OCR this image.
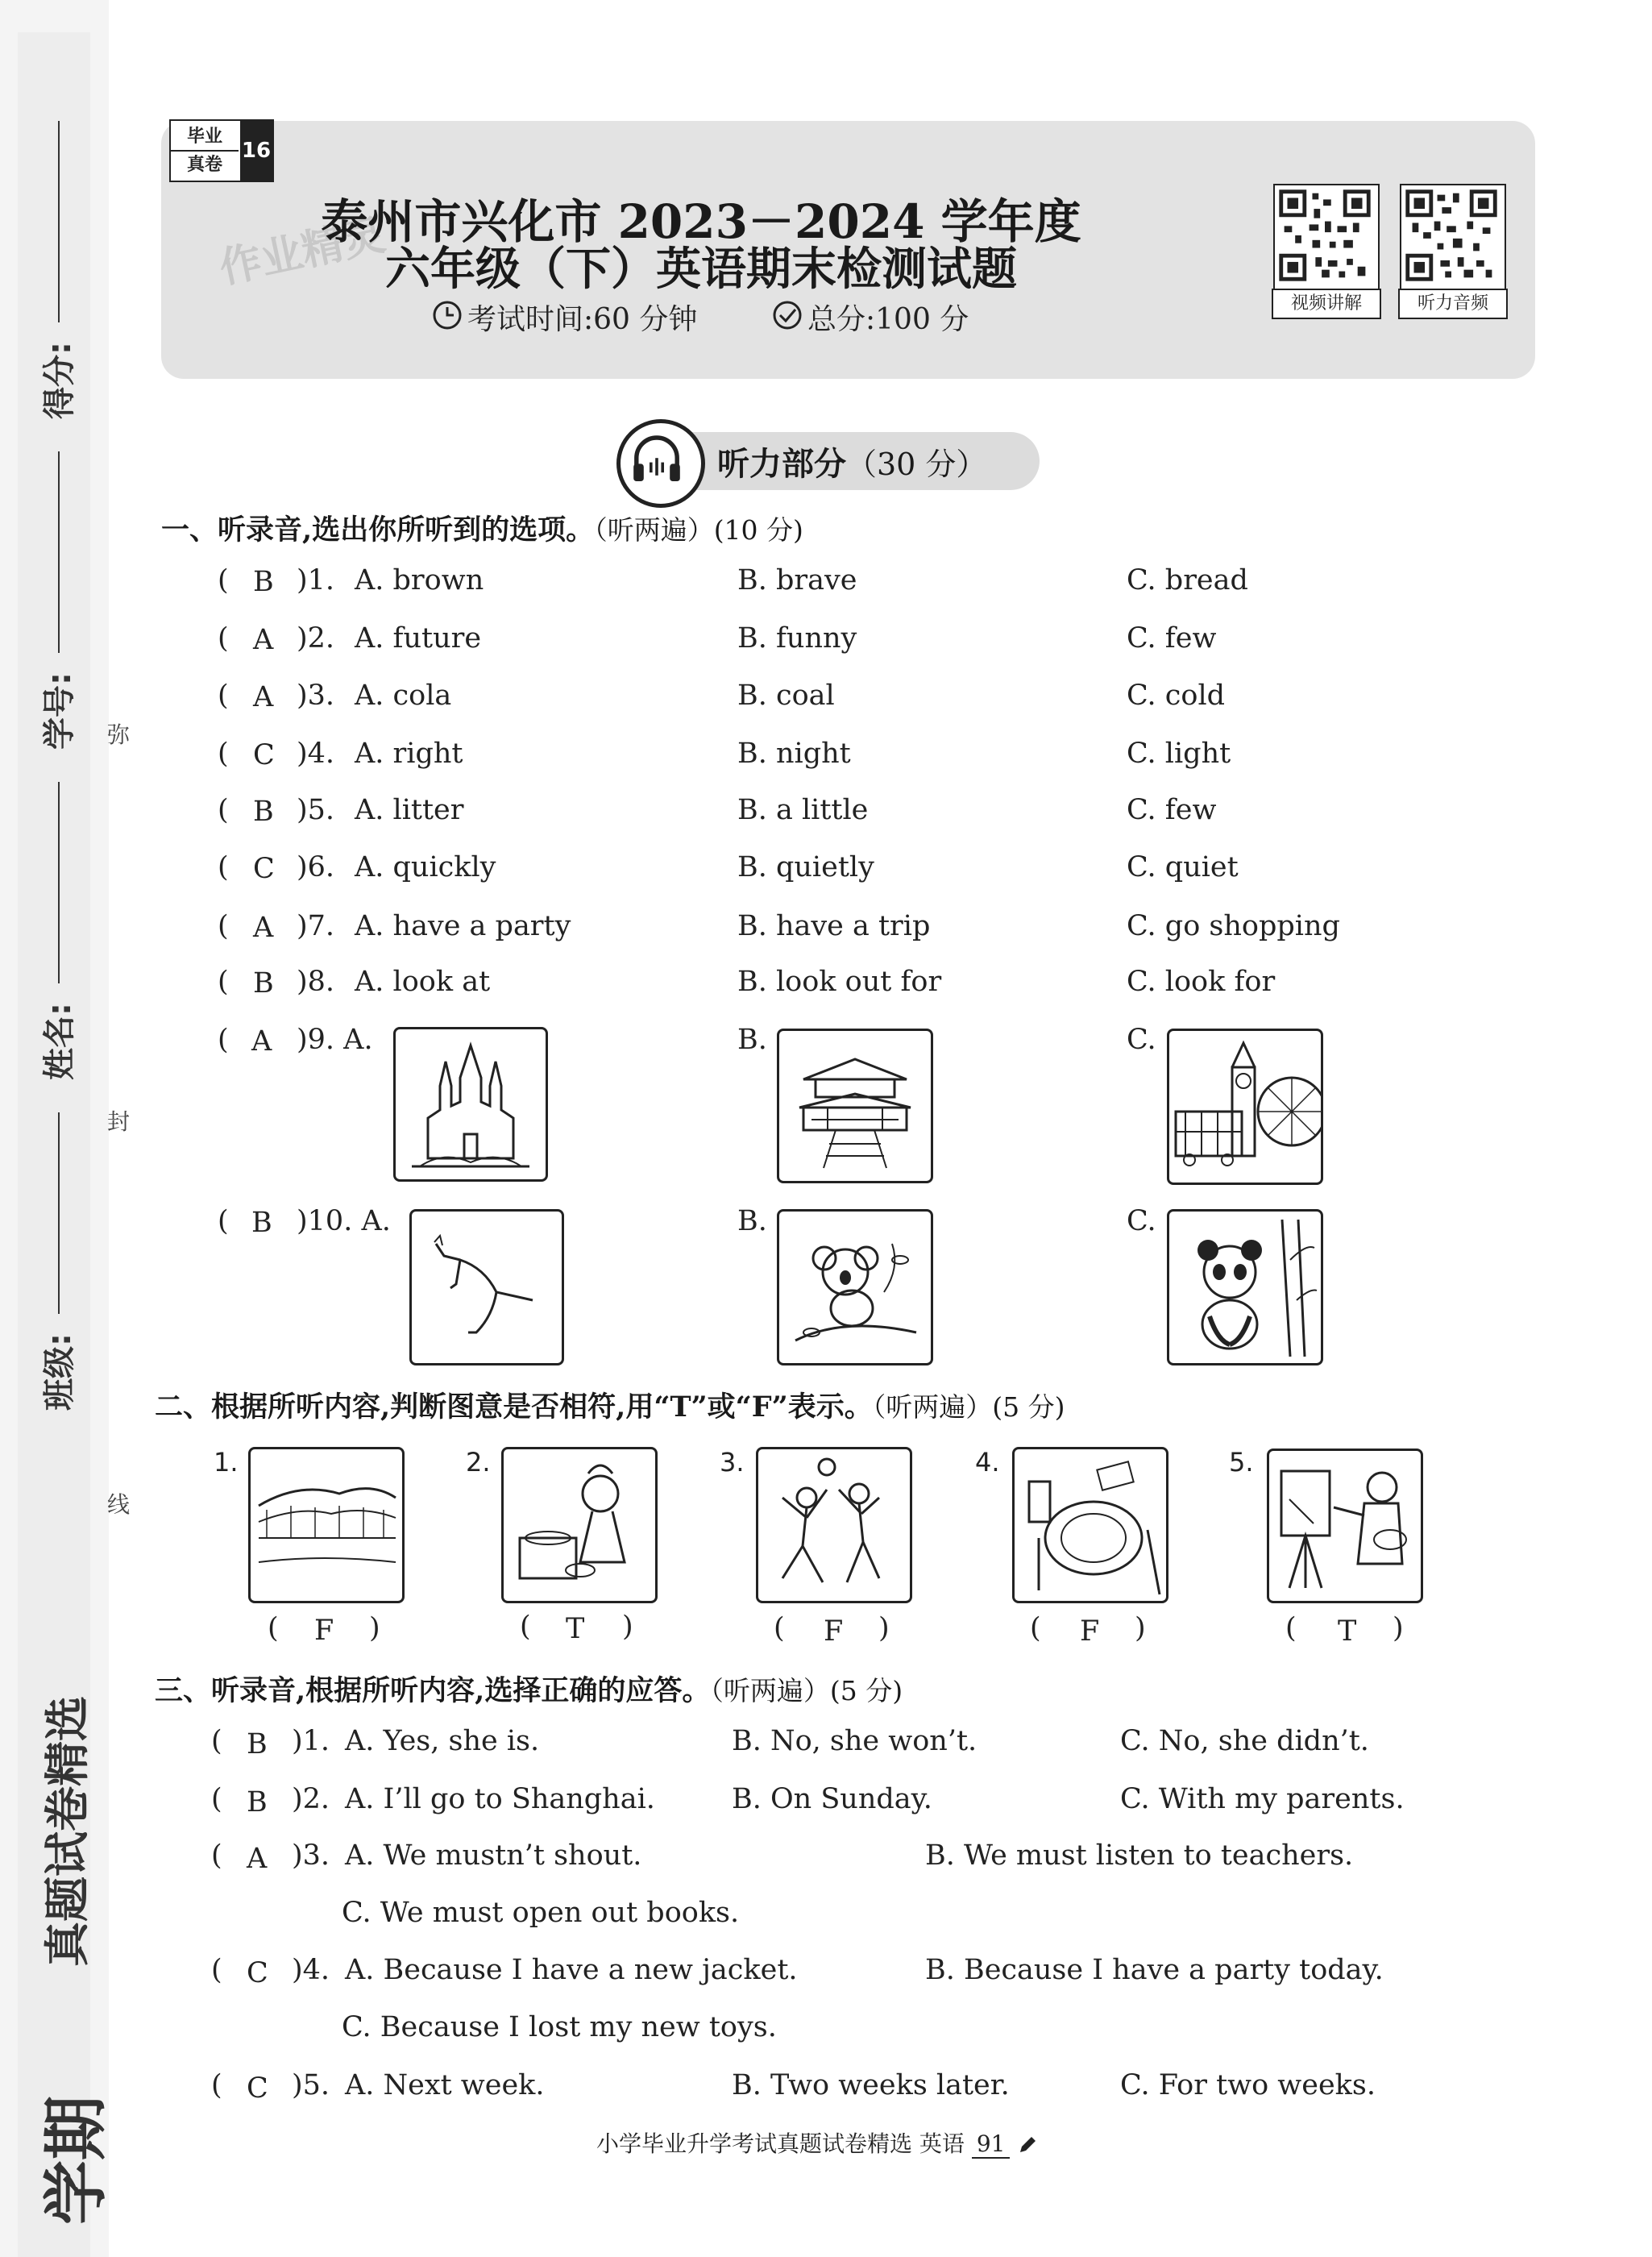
得分:
学号:
姓名:
班级:
弥
封
线
真题试卷精选
学期
毕业
真卷
16
作业精灵
泰州市兴化市 2023－2024 学年度
六年级（下）英语期末检测试题
考试时间:60 分钟	总分:100 分	视频讲解	听力音频
听力部分（30 分）
一、听录音,选出你所听到的选项。（听两遍）(10 分)
( B )1. A. brown	B. brave	C. bread
( A )2. A. future	B. funny	C. few
( A )3. A. cola	B. coal	C. cold
( C )4. A. right	B. night	C. light
( B )5. A. litter	B. a little	C. few
( C )6. A. quickly	B. quietly	C. quiet
( A )7. A. have a party	B. have a trip	C. go shopping
( B )8. A. look at	B. look out for	C. look for
( A )9. A.	B.	C.
( B )10. A.	B.	C.
二、根据所听内容,判断图意是否相符,用“T”或“F”表示。（听两遍）(5 分)
1.
( F )
2.
( T )
3.
( F )
4.
( F )
5.
( T )
三、听录音,根据所听内容,选择正确的应答。（听两遍）(5 分)
( B )1. A. Yes, she is.	B. No, she won’t.	C. No, she didn’t.
( B )2. A. I’ll go to Shanghai.	B. On Sunday.	C. With my parents.
( A )3. A. We mustn’t shout.	B. We must listen to teachers.
C. We must open out books.
( C )4. A. Because I have a new jacket.	B. Because I have a party today.
C. Because I lost my new toys.
( C )5. A. Next week.	B. Two weeks later.	C. For two weeks.
小学毕业升学考试真题试卷精选 英语 91
